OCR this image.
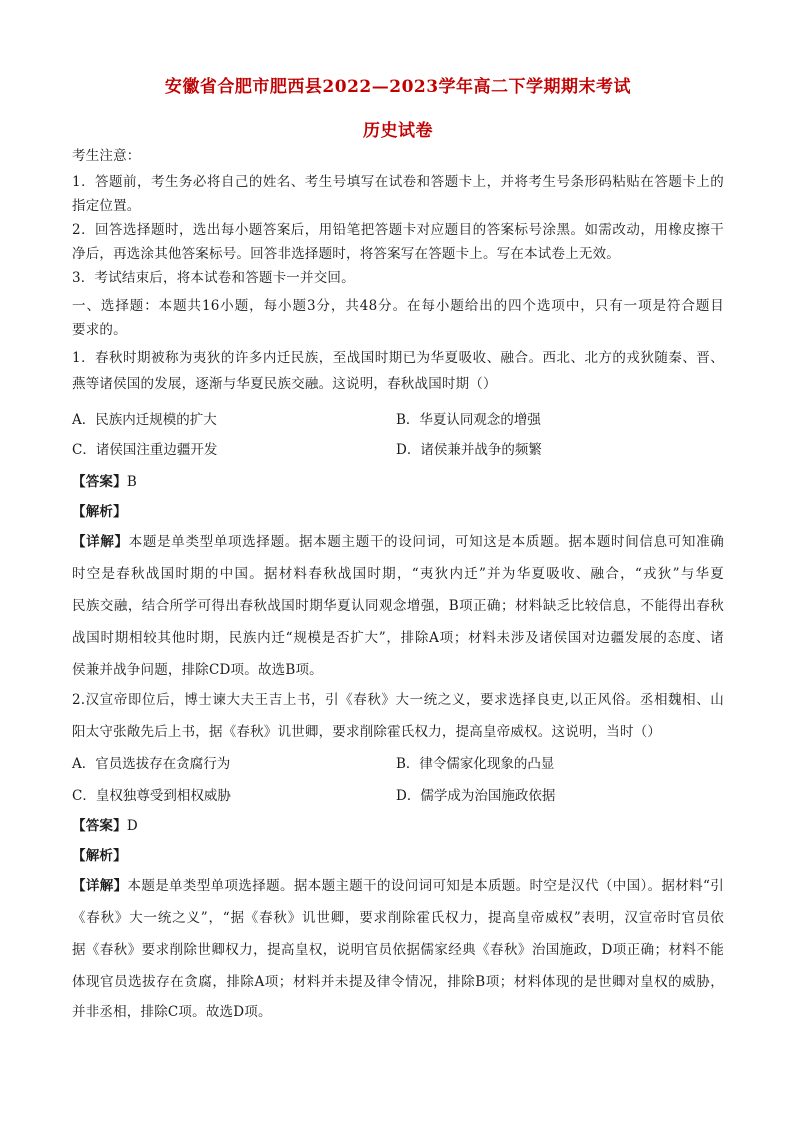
安徽省合肥市肥西县2022—2023学年高二下学期期末考试
历史试卷
考生注意：
1．答题前，考生务必将自己的姓名、考生号填写在试卷和答题卡上，并将考生号条形码粘贴在答题卡上的
指定位置。
2．回答选择题时，选出每小题答案后，用铅笔把答题卡对应题目的答案标号涂黑。如需改动，用橡皮擦干
净后，再选涂其他答案标号。回答非选择题时，将答案写在答题卡上。写在本试卷上无效。
3．考试结束后，将本试卷和答题卡一并交回。
一、选择题：本题共16小题，每小题3分，共48分。在每小题给出的四个选项中，只有一项是符合题目
要求的。
1．春秋时期被称为夷狄的许多内迁民族，至战国时期已为华夏吸收、融合。西北、北方的戎狄随秦、晋、
燕等诸侯国的发展，逐渐与华夏民族交融。这说明，春秋战国时期（）
A．民族内迁规模的扩大	B．华夏认同观念的增强
C．诸侯国注重边疆开发	D．诸侯兼并战争的频繁
【答案】B
【解析】
【详解】本题是单类型单项选择题。据本题主题干的设问词，可知这是本质题。据本题时间信息可知准确
时空是春秋战国时期的中国。据材料春秋战国时期，“夷狄内迁”并为华夏吸收、融合，“戎狄”与华夏
民族交融，结合所学可得出春秋战国时期华夏认同观念增强，B项正确；材料缺乏比较信息，不能得出春秋
战国时期相较其他时期，民族内迁“规模是否扩大”，排除A项；材料未涉及诸侯国对边疆发展的态度、诸
侯兼并战争问题，排除CD项。故选B项。
2.汉宣帝即位后，博士谏大夫王吉上书，引《春秋》大一统之义，要求选择良吏,以正风俗。丞相魏相、山
阳太守张敞先后上书，据《春秋》讥世卿，要求削除霍氏权力，提高皇帝威权。这说明，当时（）
A．官员选拔存在贪腐行为	B．律令儒家化现象的凸显
C．皇权独尊受到相权威胁	D．儒学成为治国施政依据
【答案】D
【解析】
【详解】本题是单类型单项选择题。据本题主题干的设问词可知是本质题。时空是汉代（中国）。据材料“引
《春秋》大一统之义”，“据《春秋》讥世卿，要求削除霍氏权力，提高皇帝威权”表明，汉宣帝时官员依
据《春秋》要求削除世卿权力，提高皇权，说明官员依据儒家经典《春秋》治国施政，D项正确；材料不能
体现官员选拔存在贪腐，排除A项；材料并未提及律令情况，排除B项；材料体现的是世卿对皇权的威胁，
并非丞相，排除C项。故选D项。
